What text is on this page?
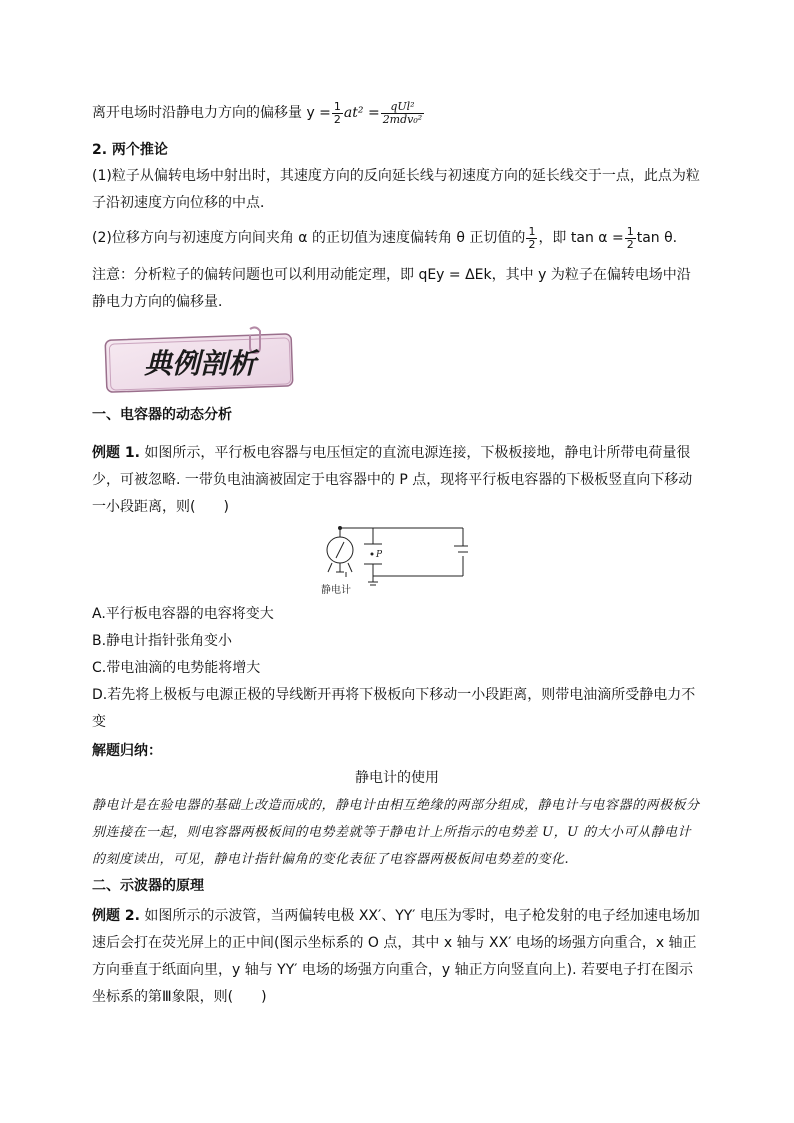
离开电场时沿静电力方向的偏移量 $y = \frac{1}{2} at^2 = \frac{\text{qUl²}}{\text{2mdv₀²}}$
2. 两个推论
(1)粒子从偏转电场中射出时，其速度方向的反向延长线与初速度方向的延长线交于一点，此点为粒子沿初速度方向位移的中点．
(2)位移方向与初速度方向间夹角 α 的正切值为速度偏转角 θ 正切值的 $\frac{1}{2}$ ，即 $\tan \alpha = \frac{1}{2}$ tan θ.
注意：分析粒子的偏转问题也可以利用动能定理，即 qEy = ΔEk，其中 y 为粒子在偏转电场中沿静电力方向的偏移量．
典例剖析
一、电容器的动态分析
例题 1. 如图所示，平行板电容器与电压恒定的直流电源连接，下极板接地，静电计所带电荷量很少，可被忽略. 一带负电油滴被固定于电容器中的 P 点，现将平行板电容器的下极板竖直向下移动一小段距离，则(　　)
P
静电计
A.平行板电容器的电容将变大
B.静电计指针张角变小
C.带电油滴的电势能将增大
D.若先将上极板与电源正极的导线断开再将下极板向下移动一小段距离，则带电油滴所受静电力不变
解题归纳：
静电计的使用
静电计是在验电器的基础上改造而成的，静电计由相互绝缘的两部分组成，静电计与电容器的两极板分别连接在一起，则电容器两极板间的电势差就等于静电计上所指示的电势差 U，U 的大小可从静电计的刻度读出，可见，静电计指针偏角的变化表征了电容器两极板间电势差的变化.
二、示波器的原理
例题 2. 如图所示的示波管，当两偏转电极 XX′、YY′ 电压为零时，电子枪发射的电子经加速电场加速后会打在荧光屏上的正中间(图示坐标系的 O 点，其中 x 轴与 XX′ 电场的场强方向重合，x 轴正方向垂直于纸面向里，y 轴与 YY′ 电场的场强方向重合，y 轴正方向竖直向上). 若要电子打在图示坐标系的第Ⅲ象限，则(　　)
